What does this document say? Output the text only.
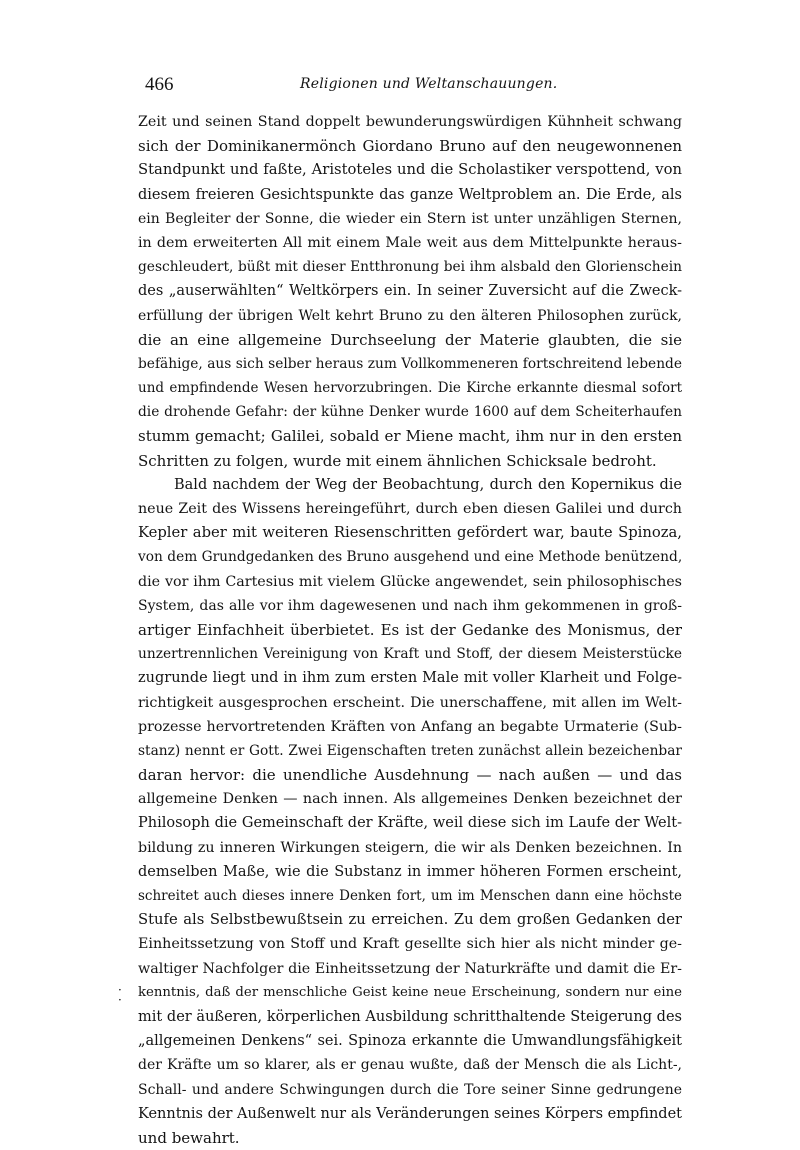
466	Religionen und Weltanschauungen.
Zeit und seinen Stand doppelt bewunderungswürdigen Kühnheit schwang
sich der Dominikanermönch Giordano Bruno auf den neugewonnenen
Standpunkt und faßte, Aristoteles und die Scholastiker verspottend, von
diesem freieren Gesichtspunkte das ganze Weltproblem an. Die Erde, als
ein Begleiter der Sonne, die wieder ein Stern ist unter unzähligen Sternen,
in dem erweiterten All mit einem Male weit aus dem Mittelpunkte heraus-
geschleudert, büßt mit dieser Entthronung bei ihm alsbald den Glorienschein
des „auserwählten“ Weltkörpers ein. In seiner Zuversicht auf die Zweck-
erfüllung der übrigen Welt kehrt Bruno zu den älteren Philosophen zurück,
die an eine allgemeine Durchseelung der Materie glaubten, die sie
befähige, aus sich selber heraus zum Vollkommeneren fortschreitend lebende
und empfindende Wesen hervorzubringen. Die Kirche erkannte diesmal sofort
die drohende Gefahr: der kühne Denker wurde 1600 auf dem Scheiterhaufen
stumm gemacht; Galilei, sobald er Miene macht, ihm nur in den ersten
Schritten zu folgen, wurde mit einem ähnlichen Schicksale bedroht.
Bald nachdem der Weg der Beobachtung, durch den Kopernikus die
neue Zeit des Wissens hereingeführt, durch eben diesen Galilei und durch
Kepler aber mit weiteren Riesenschritten gefördert war, baute Spinoza,
von dem Grundgedanken des Bruno ausgehend und eine Methode benützend,
die vor ihm Cartesius mit vielem Glücke angewendet, sein philosophisches
System, das alle vor ihm dagewesenen und nach ihm gekommenen in groß-
artiger Einfachheit überbietet. Es ist der Gedanke des Monismus, der
unzertrennlichen Vereinigung von Kraft und Stoff, der diesem Meisterstücke
zugrunde liegt und in ihm zum ersten Male mit voller Klarheit und Folge-
richtigkeit ausgesprochen erscheint. Die unerschaffene, mit allen im Welt-
prozesse hervortretenden Kräften von Anfang an begabte Urmaterie (Sub-
stanz) nennt er Gott. Zwei Eigenschaften treten zunächst allein bezeichenbar
daran hervor: die unendliche Ausdehnung — nach außen — und das
allgemeine Denken — nach innen. Als allgemeines Denken bezeichnet der
Philosoph die Gemeinschaft der Kräfte, weil diese sich im Laufe der Welt-
bildung zu inneren Wirkungen steigern, die wir als Denken bezeichnen. In
demselben Maße, wie die Substanz in immer höheren Formen erscheint,
schreitet auch dieses innere Denken fort, um im Menschen dann eine höchste
Stufe als Selbstbewußtsein zu erreichen. Zu dem großen Gedanken der
Einheitssetzung von Stoff und Kraft gesellte sich hier als nicht minder ge-
waltiger Nachfolger die Einheitssetzung der Naturkräfte und damit die Er-
kenntnis, daß der menschliche Geist keine neue Erscheinung, sondern nur eine
mit der äußeren, körperlichen Ausbildung schritthaltende Steigerung des
„allgemeinen Denkens“ sei. Spinoza erkannte die Umwandlungsfähigkeit
der Kräfte um so klarer, als er genau wußte, daß der Mensch die als Licht-,
Schall- und andere Schwingungen durch die Tore seiner Sinne gedrungene
Kenntnis der Außenwelt nur als Veränderungen seines Körpers empfindet
und bewahrt.
·
·
